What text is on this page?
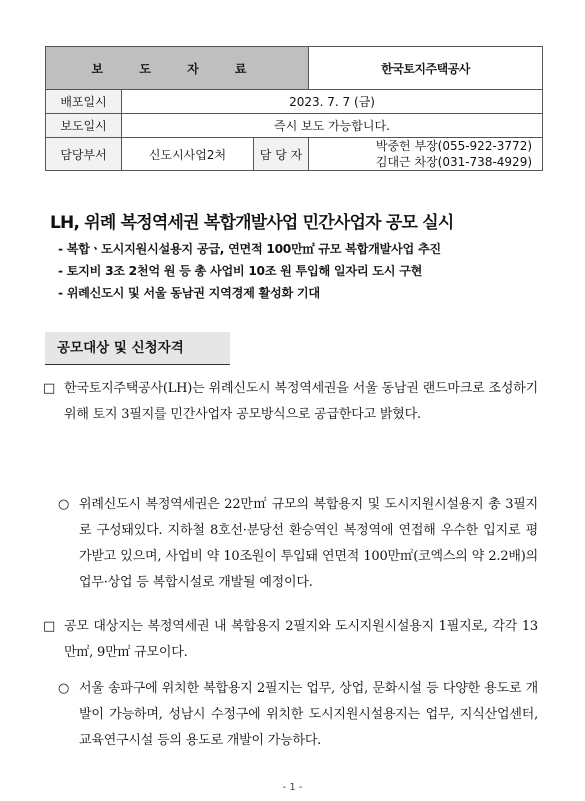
보 도 자 료			한국토지주택공사
배포일시	2023. 7. 7 (금)		
보도일시	즉시 보도 가능합니다.		
담당부서	신도시사업2처	담 당 자	박중헌 부장(055-922-3772)
김대근 차장(031-738-4929)
LH, 위례 복정역세권 복합개발사업 민간사업자 공모 실시
- 복합ㆍ도시지원시설용지 공급, 연면적 100만㎡ 규모 복합개발사업 추진
- 토지비 3조 2천억 원 등 총 사업비 10조 원 투입해 일자리 도시 구현
- 위례신도시 및 서울 동남권 지역경제 활성화 기대
공모대상 및 신청자격
□ 한국토지주택공사(LH)는 위례신도시 복정역세권을 서울 동남권 랜드마크로 조성하기 위해 토지 3필지를 민간사업자 공모방식으로 공급한다고 밝혔다.
○ 위례신도시 복정역세권은 22만㎡ 규모의 복합용지 및 도시지원시설용지 총 3필지로 구성돼있다. 지하철 8호선·분당선 환승역인 복정역에 연접해 우수한 입지로 평가받고 있으며, 사업비 약 10조원이 투입돼 연면적 100만㎡(코엑스의 약 2.2배)의 업무·상업 등 복합시설로 개발될 예정이다.
□ 공모 대상지는 복정역세권 내 복합용지 2필지와 도시지원시설용지 1필지로, 각각 13만㎡, 9만㎡ 규모이다.
○ 서울 송파구에 위치한 복합용지 2필지는 업무, 상업, 문화시설 등 다양한 용도로 개발이 가능하며, 성남시 수정구에 위치한 도시지원시설용지는 업무, 지식산업센터, 교육연구시설 등의 용도로 개발이 가능하다.
- 1 -
